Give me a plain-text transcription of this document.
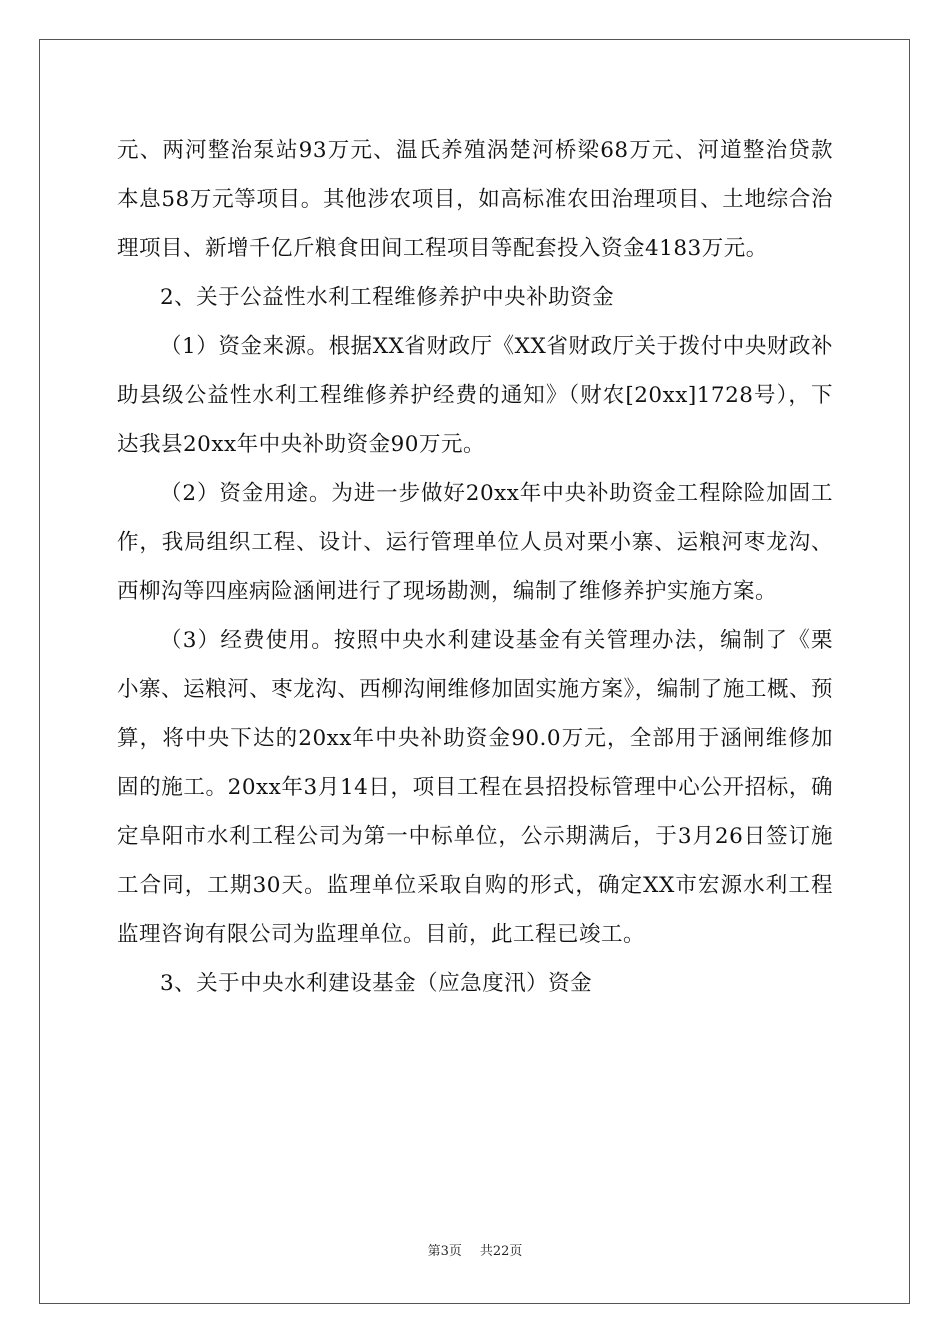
元、两河整治泵站93万元、温氏养殖涡楚河桥梁68万元、河道整治贷款本息58万元等项目。其他涉农项目，如高标准农田治理项目、土地综合治理项目、新增千亿斤粮食田间工程项目等配套投入资金4183万元。

2、关于公益性水利工程维修养护中央补助资金

（1）资金来源。根据XX省财政厅《XX省财政厅关于拨付中央财政补助县级公益性水利工程维修养护经费的通知》（财农[20xx]1728号），下达我县20xx年中央补助资金90万元。

（2）资金用途。为进一步做好20xx年中央补助资金工程除险加固工作，我局组织工程、设计、运行管理单位人员对栗小寨、运粮河枣龙沟、西柳沟等四座病险涵闸进行了现场勘测，编制了维修养护实施方案。

（3）经费使用。按照中央水利建设基金有关管理办法，编制了《栗小寨、运粮河、枣龙沟、西柳沟闸维修加固实施方案》，编制了施工概、预算，将中央下达的20xx年中央补助资金90.0万元，全部用于涵闸维修加固的施工。20xx年3月14日，项目工程在县招投标管理中心公开招标，确定阜阳市水利工程公司为第一中标单位，公示期满后，于3月26日签订施工合同，工期30天。监理单位采取自购的形式，确定XX市宏源水利工程监理咨询有限公司为监理单位。目前，此工程已竣工。

3、关于中央水利建设基金（应急度汛）资金

第3页 共22页
